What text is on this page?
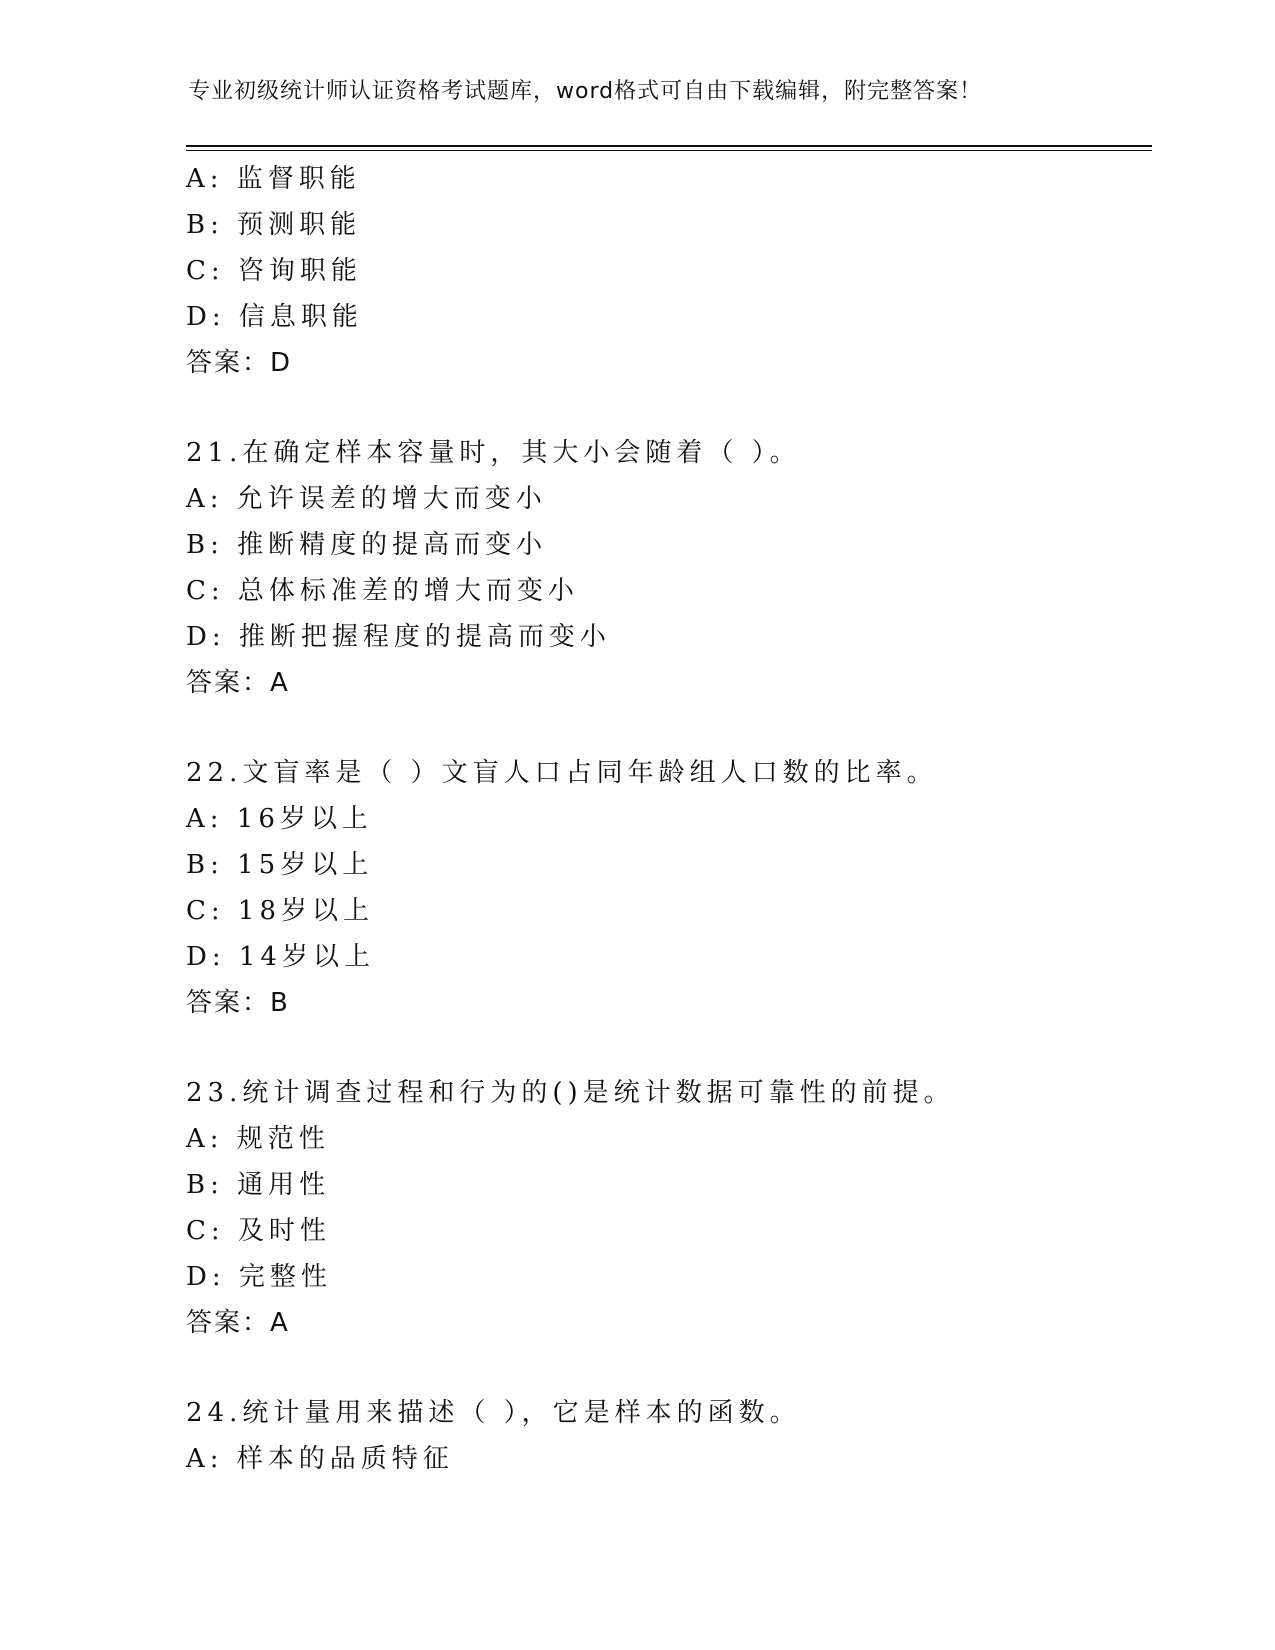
专业初级统计师认证资格考试题库，word格式可自由下载编辑，附完整答案！
A: 监督职能
B: 预测职能
C: 咨询职能
D: 信息职能
答案：D
21.在确定样本容量时，其大小会随着（ ）。
A: 允许误差的增大而变小
B: 推断精度的提高而变小
C: 总体标准差的增大而变小
D: 推断把握程度的提高而变小
答案：A
22.文盲率是（ ）文盲人口占同年龄组人口数的比率。
A: 16岁以上
B: 15岁以上
C: 18岁以上
D: 14岁以上
答案：B
23.统计调查过程和行为的()是统计数据可靠性的前提。
A: 规范性
B: 通用性
C: 及时性
D: 完整性
答案：A
24.统计量用来描述（ ），它是样本的函数。
A: 样本的品质特征
